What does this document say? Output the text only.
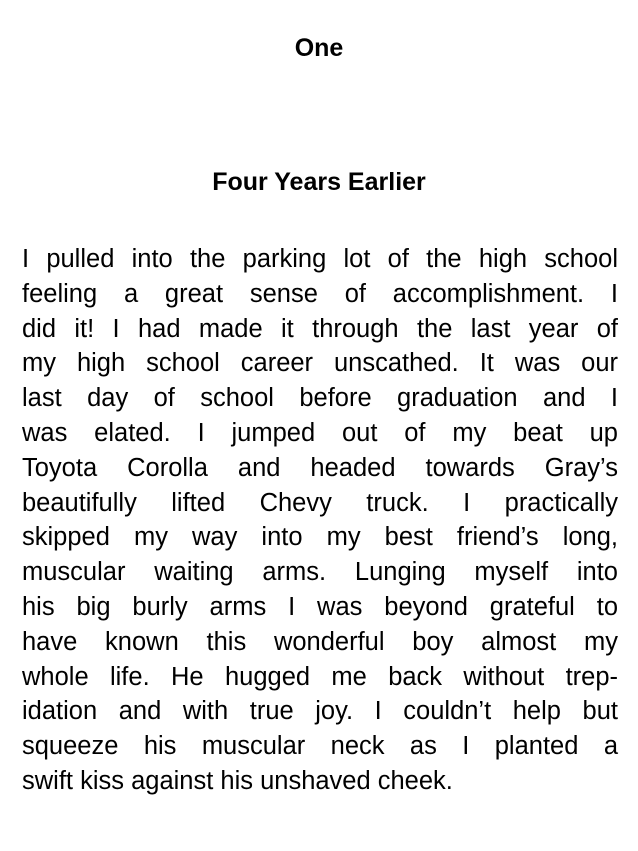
One
Four Years Earlier
I pulled into the parking lot of the high school
feeling a great sense of accomplishment. I
did it! I had made it through the last year of
my high school career unscathed. It was our
last day of school before graduation and I
was elated. I jumped out of my beat up
Toyota Corolla and headed towards Gray’s
beautifully lifted Chevy truck. I practically
skipped my way into my best friend’s long,
muscular waiting arms. Lunging myself into
his big burly arms I was beyond grateful to
have known this wonderful boy almost my
whole life. He hugged me back without trep-
idation and with true joy. I couldn’t help but
squeeze his muscular neck as I planted a
swift kiss against his unshaved cheek.
